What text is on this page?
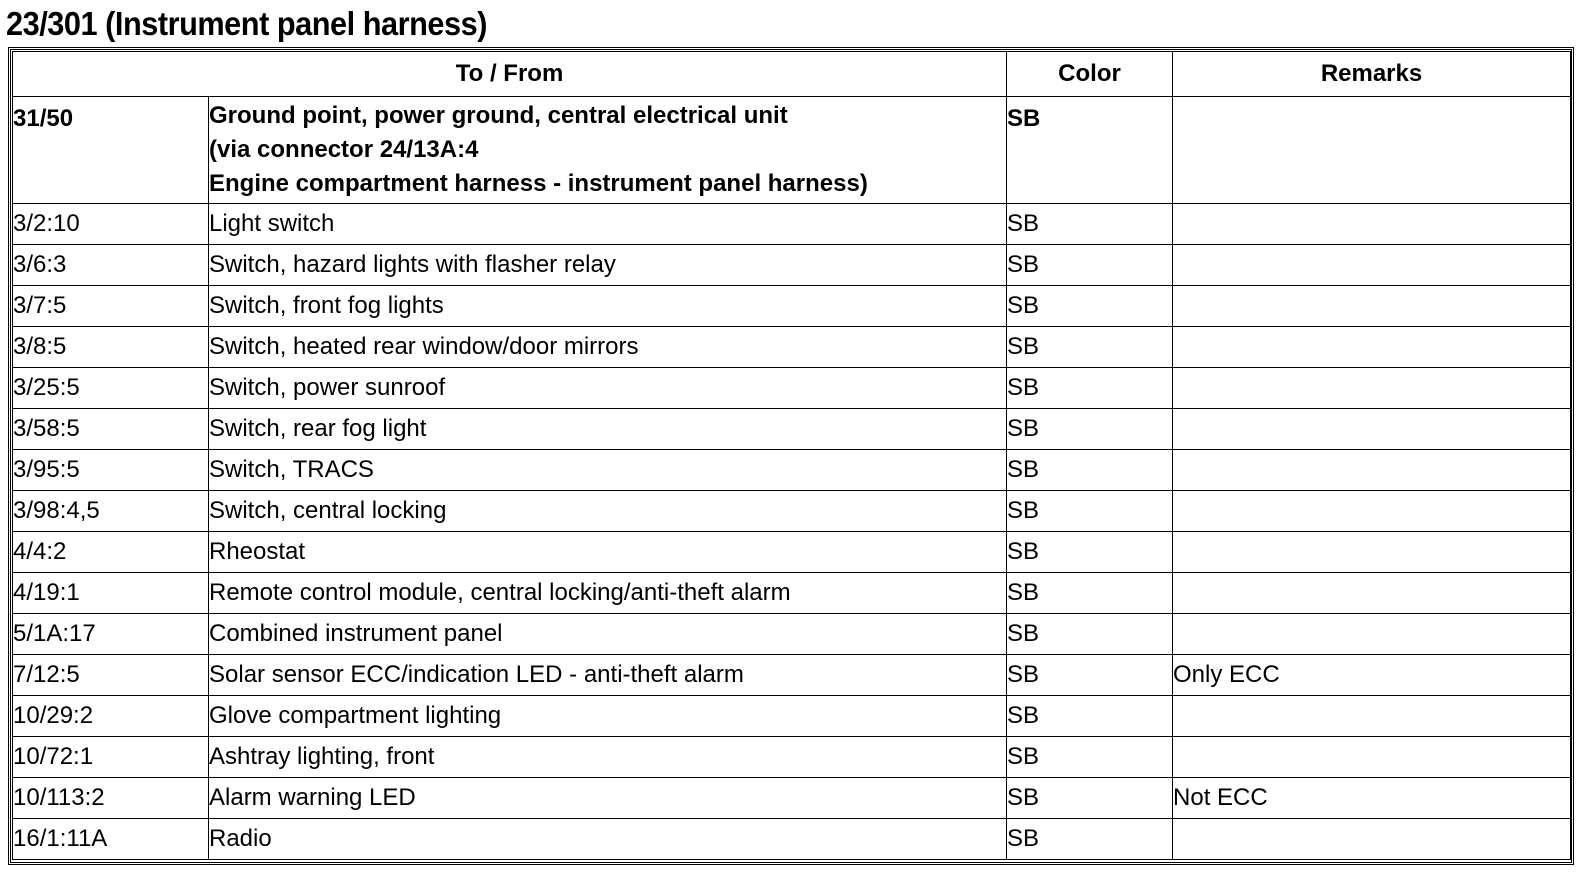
23/301 (Instrument panel harness)
To / From		Color	Remarks
31/50	Ground point, power ground, central electrical unit
(via connector 24/13A:4
Engine compartment harness - instrument panel harness)	SB	
3/2:10	Light switch	SB	
3/6:3	Switch, hazard lights with flasher relay	SB	
3/7:5	Switch, front fog lights	SB	
3/8:5	Switch, heated rear window/door mirrors	SB	
3/25:5	Switch, power sunroof	SB	
3/58:5	Switch, rear fog light	SB	
3/95:5	Switch, TRACS	SB	
3/98:4,5	Switch, central locking	SB	
4/4:2	Rheostat	SB	
4/19:1	Remote control module, central locking/anti-theft alarm	SB	
5/1A:17	Combined instrument panel	SB	
7/12:5	Solar sensor ECC/indication LED - anti-theft alarm	SB	Only ECC
10/29:2	Glove compartment lighting	SB	
10/72:1	Ashtray lighting, front	SB	
10/113:2	Alarm warning LED	SB	Not ECC
16/1:11A	Radio	SB	
